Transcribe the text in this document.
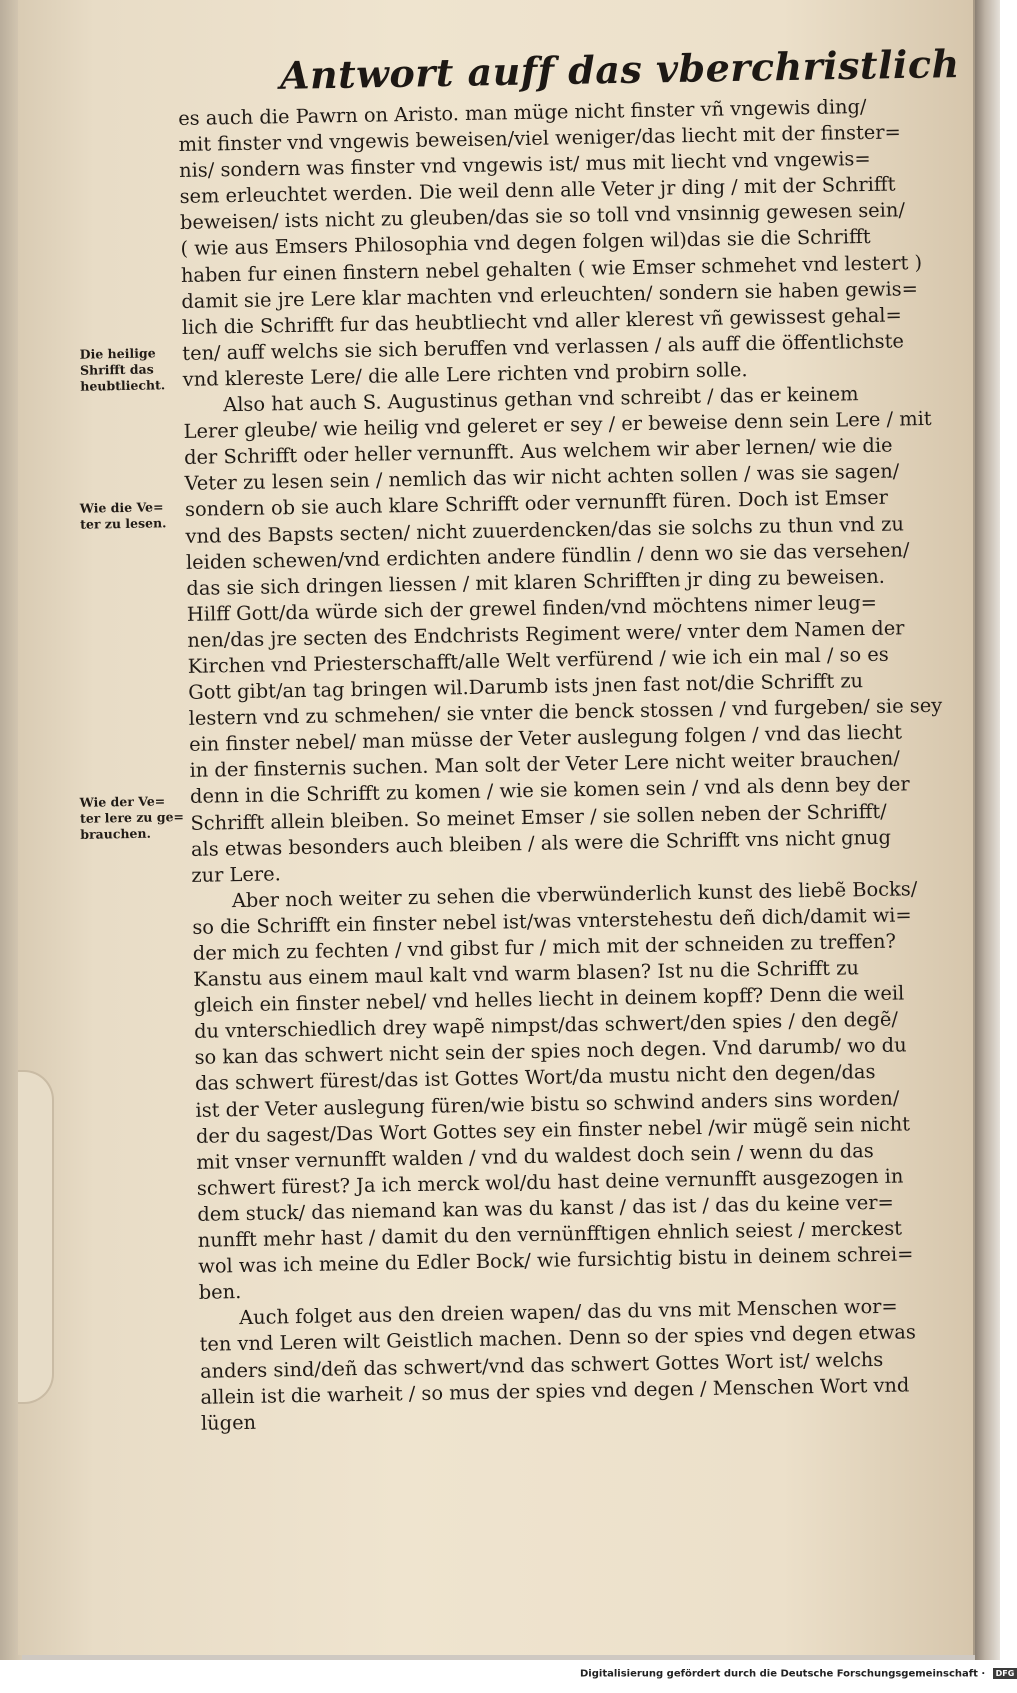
Antwort auff das vberchristlich
es auch die Pawrn on Aristo. man müge nicht finster vñ vngewis ding/
mit finster vnd vngewis beweisen/viel weniger/das liecht mit der finster=
nis/ sondern was finster vnd vngewis ist/ mus mit liecht vnd vngewis=
sem erleuchtet werden. Die weil denn alle Veter jr ding / mit der Schrifft
beweisen/ ists nicht zu gleuben/das sie so toll vnd vnsinnig gewesen sein/
( wie aus Emsers Philosophia vnd degen folgen wil)das sie die Schrifft
haben fur einen finstern nebel gehalten ( wie Emser schmehet vnd lestert )
damit sie jre Lere klar machten vnd erleuchten/ sondern sie haben gewis=
lich die Schrifft fur das heubtliecht vnd aller klerest vñ gewissest gehal=
ten/ auff welchs sie sich beruffen vnd verlassen / als auff die öffentlichste
vnd klereste Lere/ die alle Lere richten vnd probirn solle.
Also hat auch S. Augustinus gethan vnd schreibt / das er keinem
Lerer gleube/ wie heilig vnd geleret er sey / er beweise denn sein Lere / mit
der Schrifft oder heller vernunfft. Aus welchem wir aber lernen/ wie die
Veter zu lesen sein / nemlich das wir nicht achten sollen / was sie sagen/
sondern ob sie auch klare Schrifft oder vernunfft füren. Doch ist Emser
vnd des Bapsts secten/ nicht zuuerdencken/das sie solchs zu thun vnd zu
leiden schewen/vnd erdichten andere fündlin / denn wo sie das versehen/
das sie sich dringen liessen / mit klaren Schrifften jr ding zu beweisen.
Hilff Gott/da würde sich der grewel finden/vnd möchtens nimer leug=
nen/das jre secten des Endchrists Regiment were/ vnter dem Namen der
Kirchen vnd Priesterschafft/alle Welt verfürend / wie ich ein mal / so es
Gott gibt/an tag bringen wil.Darumb ists jnen fast not/die Schrifft zu
lestern vnd zu schmehen/ sie vnter die benck stossen / vnd furgeben/ sie sey
ein finster nebel/ man müsse der Veter auslegung folgen / vnd das liecht
in der finsternis suchen. Man solt der Veter Lere nicht weiter brauchen/
denn in die Schrifft zu komen / wie sie komen sein / vnd als denn bey der
Schrifft allein bleiben. So meinet Emser / sie sollen neben der Schrifft/
als etwas besonders auch bleiben / als were die Schrifft vns nicht gnug
zur Lere.
Aber noch weiter zu sehen die vberwünderlich kunst des liebẽ Bocks/
so die Schrifft ein finster nebel ist/was vnterstehestu deñ dich/damit wi=
der mich zu fechten / vnd gibst fur / mich mit der schneiden zu treffen?
Kanstu aus einem maul kalt vnd warm blasen? Ist nu die Schrifft zu
gleich ein finster nebel/ vnd helles liecht in deinem kopff? Denn die weil
du vnterschiedlich drey wapẽ nimpst/das schwert/den spies / den degẽ/
so kan das schwert nicht sein der spies noch degen. Vnd darumb/ wo du
das schwert fürest/das ist Gottes Wort/da mustu nicht den degen/das
ist der Veter auslegung füren/wie bistu so schwind anders sins worden/
der du sagest/Das Wort Gottes sey ein finster nebel /wir mügẽ sein nicht
mit vnser vernunfft walden / vnd du waldest doch sein / wenn du das
schwert fürest? Ja ich merck wol/du hast deine vernunfft ausgezogen in
dem stuck/ das niemand kan was du kanst / das ist / das du keine ver=
nunfft mehr hast / damit du den vernünfftigen ehnlich seiest / merckest
wol was ich meine du Edler Bock/ wie fursichtig bistu in deinem schrei=
ben.
Auch folget aus den dreien wapen/ das du vns mit Menschen wor=
ten vnd Leren wilt Geistlich machen. Denn so der spies vnd degen etwas
anders sind/deñ das schwert/vnd das schwert Gottes Wort ist/ welchs
allein ist die warheit / so mus der spies vnd degen / Menschen Wort vnd
lügen
Die heilige
Shrifft das
heubtliecht.
Wie die Ve=
ter zu lesen.
Wie der Ve=
ter lere zu ge=
brauchen.
Digitalisierung gefördert durch die Deutsche Forschungsgemeinschaft · DFG
